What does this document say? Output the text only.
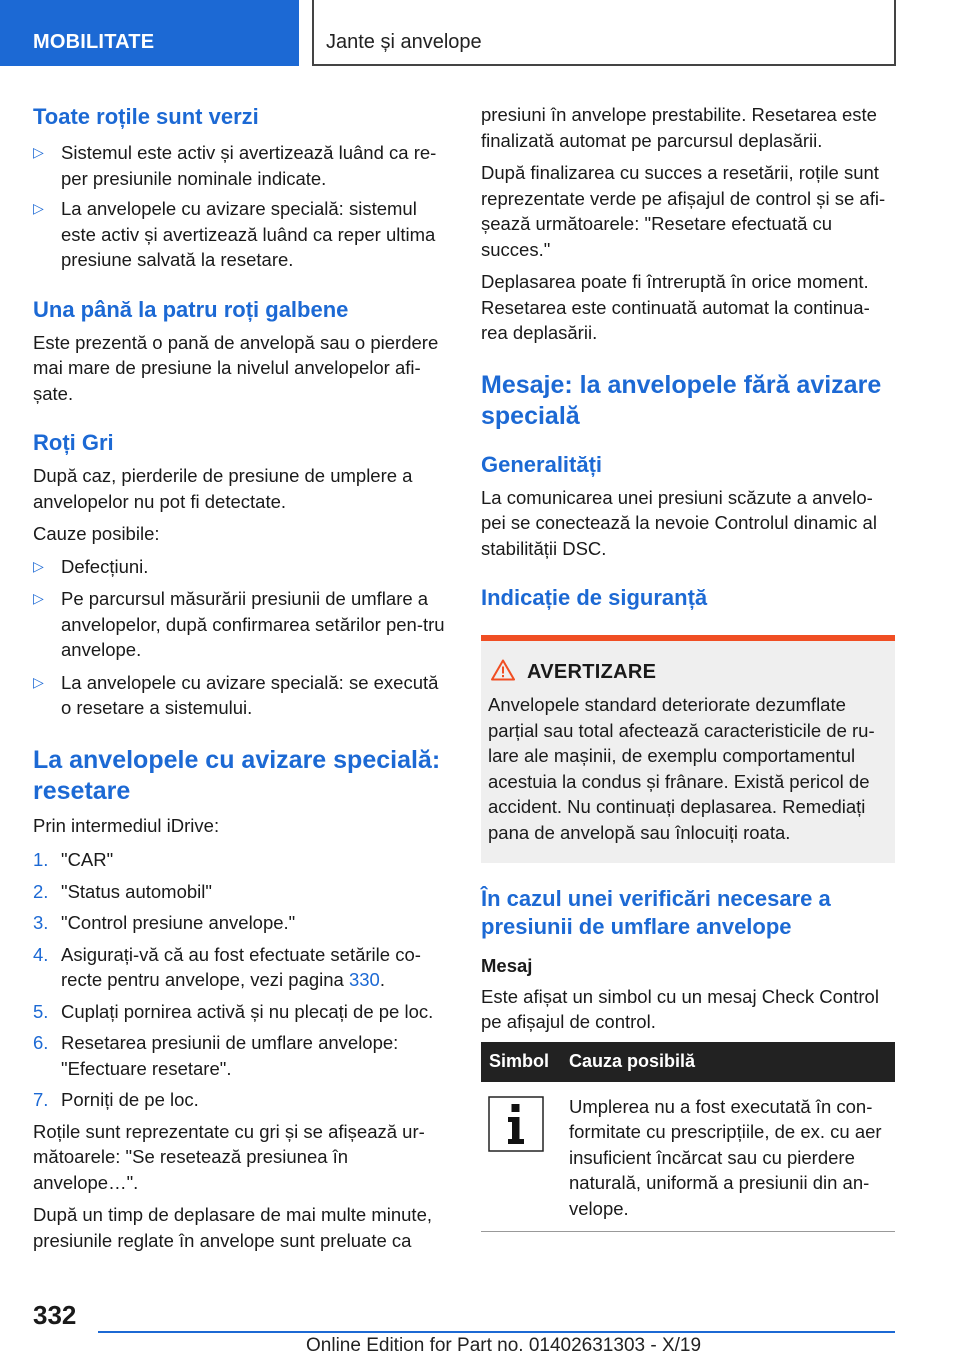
MOBILITATE	Jante și anvelope
Toate roțile sunt verzi
▷ Sistemul este activ și avertizează luând ca re-per presiunile nominale indicate.
▷ La anvelopele cu avizare specială: sistemul este activ și avertizează luând ca reper ultima presiune salvată la resetare.
Una până la patru roți galbene
Este prezentă o pană de anvelopă sau o pierdere mai mare de presiune la nivelul anvelopelor afi-șate.
Roți Gri
După caz, pierderile de presiune de umplere a anvelopelor nu pot fi detectate.
Cauze posibile:
▷ Defecțiuni.
▷ Pe parcursul măsurării presiunii de umflare a anvelopelor, după confirmarea setărilor pen-tru anvelope.
▷ La anvelopele cu avizare specială: se execută o resetare a sistemului.
La anvelopele cu avizare specială: resetare
Prin intermediul iDrive:
1. "CAR"
2. "Status automobil"
3. "Control presiune anvelope."
4. Asigurați-vă că au fost efectuate setările co-recte pentru anvelope, vezi pagina 330.
5. Cuplați pornirea activă și nu plecați de pe loc.
6. Resetarea presiunii de umflare anvelope: "Efectuare resetare".
7. Porniți de pe loc.
Roțile sunt reprezentate cu gri și se afișează ur-mătoarele: "Se resetează presiunea în anvelope…".
După un timp de deplasare de mai multe minute, presiunile reglate în anvelope sunt preluate ca
presiuni în anvelope prestabilite. Resetarea este finalizată automat pe parcursul deplasării.
După finalizarea cu succes a resetării, roțile sunt reprezentate verde pe afișajul de control și se afi-șează următoarele: "Resetare efectuată cu succes."
Deplasarea poate fi întreruptă în orice moment. Resetarea este continuată automat la continua-rea deplasării.
Mesaje: la anvelopele fără avizare specială
Generalități
La comunicarea unei presiuni scăzute a anvelo-pei se conectează la nevoie Controlul dinamic al stabilității DSC.
Indicație de siguranță
AVERTIZARE
Anvelopele standard deteriorate dezumflate parțial sau total afectează caracteristicile de ru-lare ale mașinii, de exemplu comportamentul acestuia la condus și frânare. Există pericol de accident. Nu continuați deplasarea. Remediați pana de anvelopă sau înlocuiți roata.
În cazul unei verificări necesare a presiunii de umflare anvelope
Mesaj
Este afișat un simbol cu un mesaj Check Control pe afișajul de control.
Simbol	Cauza posibilă
	Umplerea nu a fost executată în con-formitate cu prescripțiile, de ex. cu aer insuficient încărcat sau cu pierdere naturală, uniformă a presiunii din an-velope.
332
Online Edition for Part no. 01402631303 - X/19
